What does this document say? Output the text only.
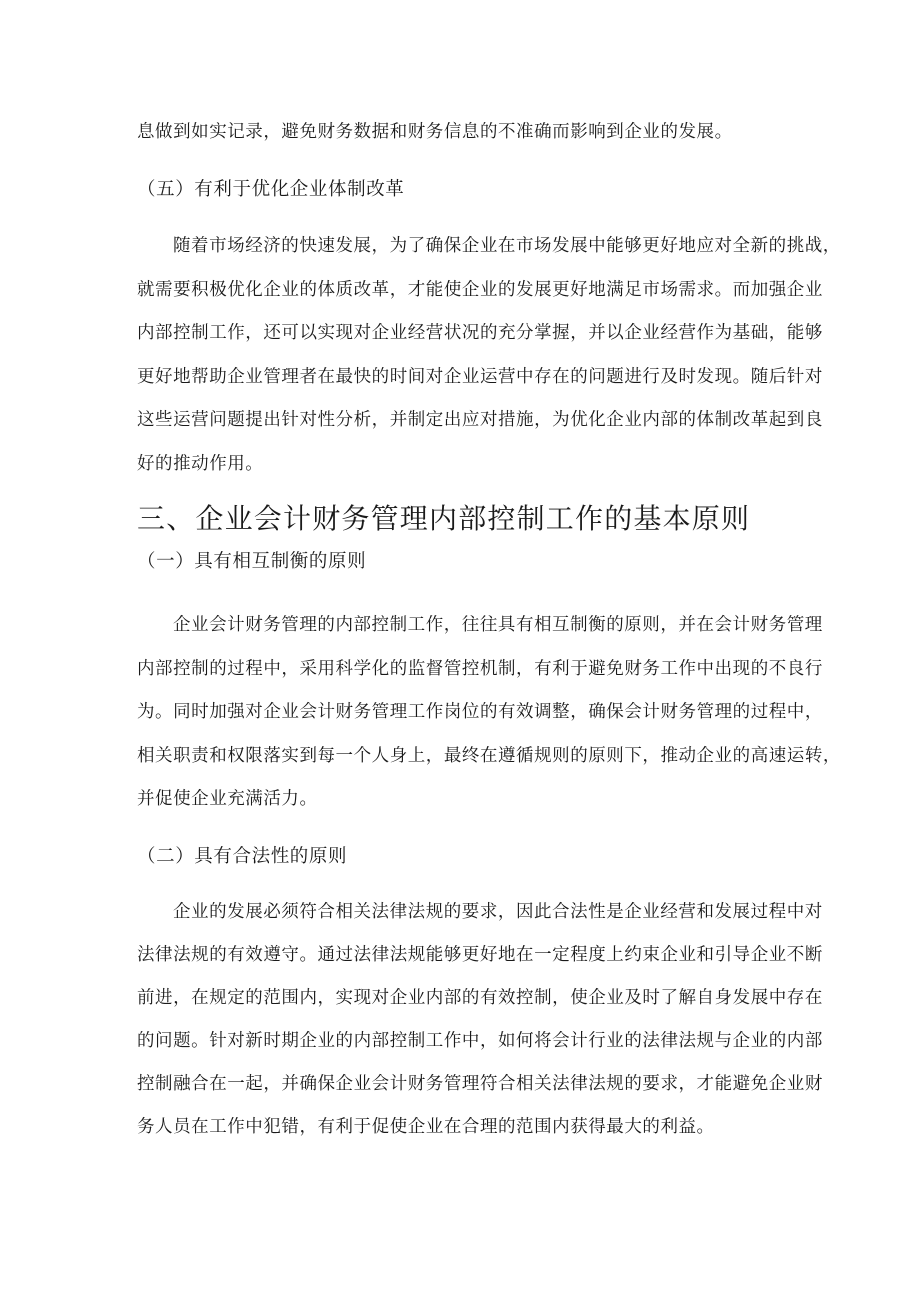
息做到如实记录，避免财务数据和财务信息的不准确而影响到企业的发展。
（五）有利于优化企业体制改革
随着市场经济的快速发展，为了确保企业在市场发展中能够更好地应对全新的挑战，
就需要积极优化企业的体质改革，才能使企业的发展更好地满足市场需求。而加强企业
内部控制工作，还可以实现对企业经营状况的充分掌握，并以企业经营作为基础，能够
更好地帮助企业管理者在最快的时间对企业运营中存在的问题进行及时发现。随后针对
这些运营问题提出针对性分析，并制定出应对措施，为优化企业内部的体制改革起到良
好的推动作用。
三、企业会计财务管理内部控制工作的基本原则
（一）具有相互制衡的原则
企业会计财务管理的内部控制工作，往往具有相互制衡的原则，并在会计财务管理
内部控制的过程中，采用科学化的监督管控机制，有利于避免财务工作中出现的不良行
为。同时加强对企业会计财务管理工作岗位的有效调整，确保会计财务管理的过程中，
相关职责和权限落实到每一个人身上，最终在遵循规则的原则下，推动企业的高速运转，
并促使企业充满活力。
（二）具有合法性的原则
企业的发展必须符合相关法律法规的要求，因此合法性是企业经营和发展过程中对
法律法规的有效遵守。通过法律法规能够更好地在一定程度上约束企业和引导企业不断
前进，在规定的范围内，实现对企业内部的有效控制，使企业及时了解自身发展中存在
的问题。针对新时期企业的内部控制工作中，如何将会计行业的法律法规与企业的内部
控制融合在一起，并确保企业会计财务管理符合相关法律法规的要求，才能避免企业财
务人员在工作中犯错，有利于促使企业在合理的范围内获得最大的利益。
